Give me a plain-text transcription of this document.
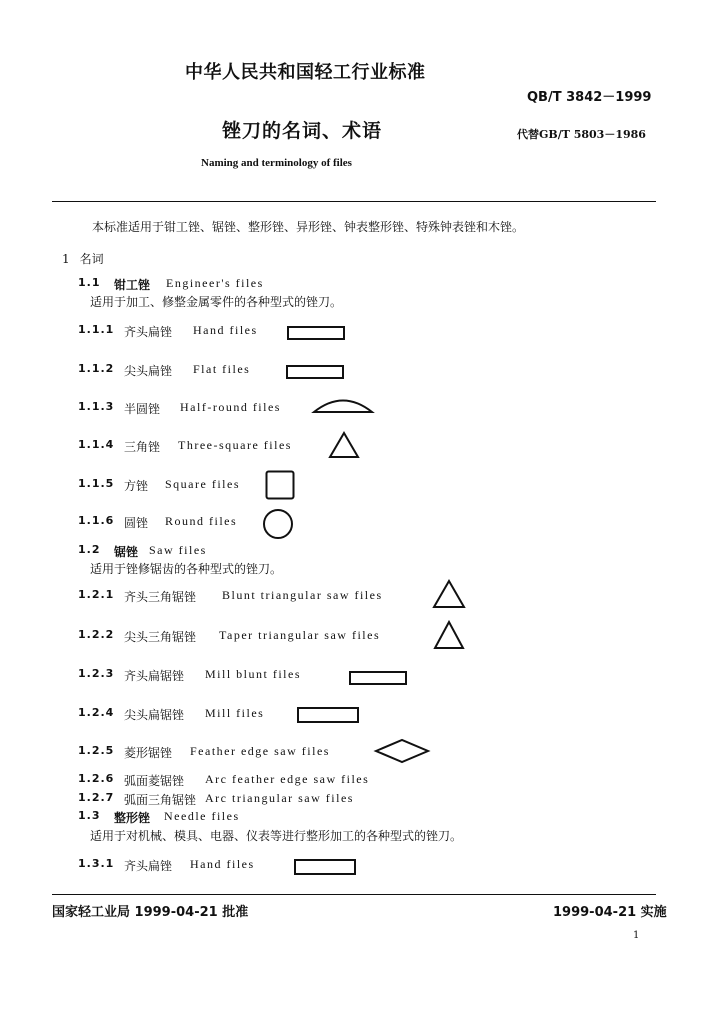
中华人民共和国轻工行业标准
QB/T 3842－1999
锉刀的名词、术语	代替GB/T 5803－1986
Naming and terminology of files
本标准适用于钳工锉、锯锉、整形锉、异形锉、钟表整形锉、特殊钟表锉和木锉。
1 名词
1.1 钳工锉 Engineer's files
适用于加工、修整金属零件的各种型式的锉刀。
1.1.1 齐头扁锉 Hand files
1.1.2 尖头扁锉 Flat files
1.1.3 半圆锉 Half-round files
1.1.4 三角锉 Three-square files
1.1.5 方锉 Square files
1.1.6 圆锉 Round files
1.2 锯锉 Saw files
适用于锉修锯齿的各种型式的锉刀。
1.2.1 齐头三角锯锉 Blunt triangular saw files
1.2.2 尖头三角锯锉 Taper triangular saw files
1.2.3 齐头扁锯锉 Mill blunt files
1.2.4 尖头扁锯锉 Mill files
1.2.5 菱形锯锉 Feather edge saw files
1.2.6 弧面菱锯锉 Arc feather edge saw files
1.2.7 弧面三角锯锉 Arc triangular saw files
1.3 整形锉 Needle files
适用于对机械、模具、电器、仪表等进行整形加工的各种型式的锉刀。
1.3.1 齐头扁锉 Hand files
国家轻工业局 1999-04-21 批准	1999-04-21 实施
1
